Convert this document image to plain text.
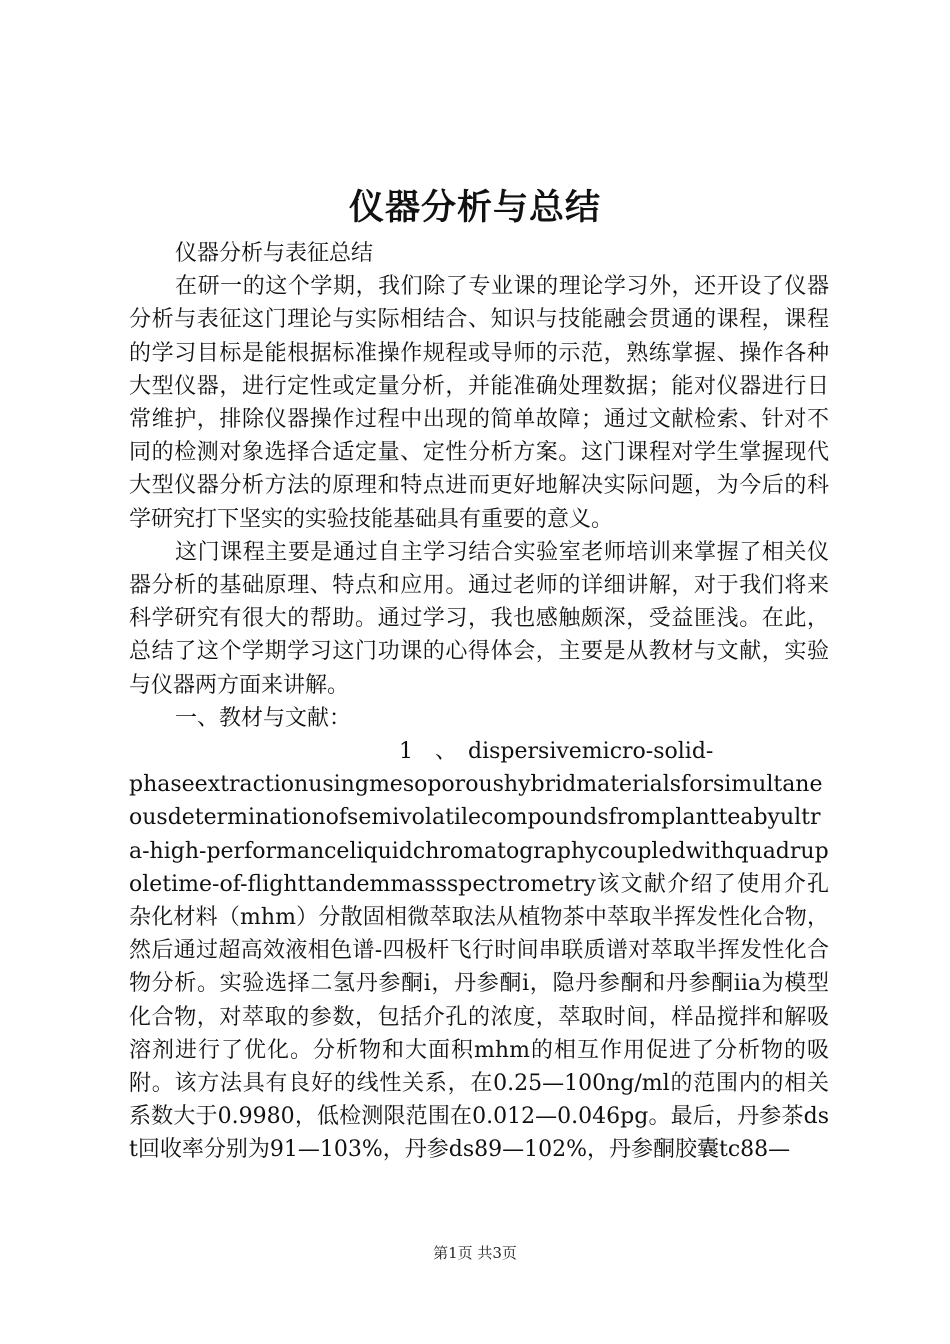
仪器分析与总结

仪器分析与表征总结

在研一的这个学期，我们除了专业课的理论学习外，还开设了仪器分析与表征这门理论与实际相结合、知识与技能融会贯通的课程，课程的学习目标是能根据标准操作规程或导师的示范，熟练掌握、操作各种大型仪器，进行定性或定量分析，并能准确处理数据；能对仪器进行日常维护，排除仪器操作过程中出现的简单故障；通过文献检索、针对不同的检测对象选择合适定量、定性分析方案。这门课程对学生掌握现代大型仪器分析方法的原理和特点进而更好地解决实际问题，为今后的科学研究打下坚实的实验技能基础具有重要的意义。

这门课程主要是通过自主学习结合实验室老师培训来掌握了相关仪器分析的基础原理、特点和应用。通过老师的详细讲解，对于我们将来科学研究有很大的帮助。通过学习，我也感触颇深，受益匪浅。在此，总结了这个学期学习这门功课的心得体会，主要是从教材与文献，实验与仪器两方面来讲解。

一、教材与文献：

1　、　dispersivemicro-solid-

phaseextractionusingmesoporoushybridmaterialsforsimultaneousdeterminationofsemivolatilecompoundsfromplantteabyultra-high-performanceliquidchromatographycoupledwithquadrupoletime-of-flighttandemmassspectrometry该文献介绍了使用介孔杂化材料（mhm）分散固相微萃取法从植物茶中萃取半挥发性化合物，然后通过超高效液相色谱-四极杆飞行时间串联质谱对萃取半挥发性化合物分析。实验选择二氢丹参酮i，丹参酮i，隐丹参酮和丹参酮iia为模型化合物，对萃取的参数，包括介孔的浓度，萃取时间，样品搅拌和解吸溶剂进行了优化。分析物和大面积mhm的相互作用促进了分析物的吸附。该方法具有良好的线性关系，在0.25—100ng/ml的范围内的相关系数大于0.9980，低检测限范围在0.012—0.046pg。最后，丹参茶dst回收率分别为91—103%，丹参ds89—102%，丹参酮胶囊tc88—

第1页 共3页
